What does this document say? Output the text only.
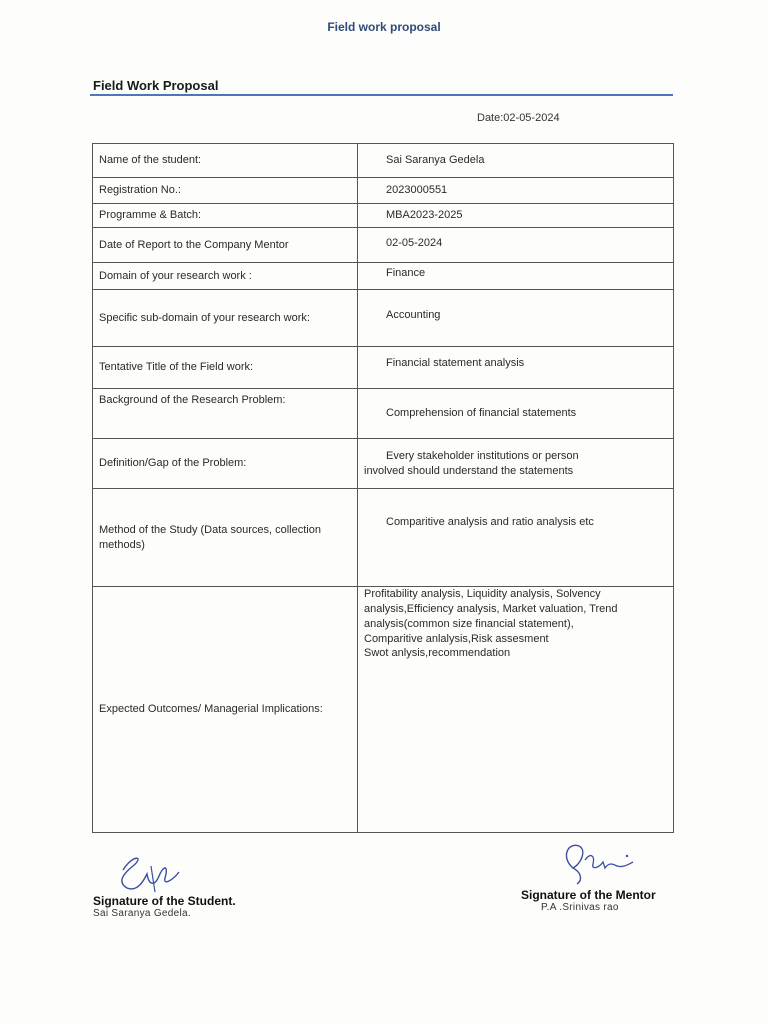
Field work proposal
Field Work Proposal
Date:02-05-2024
Name of the student:	Sai Saranya Gedela
Registration No.:	2023000551
Programme & Batch:	MBA2023-2025
Date of Report to the Company Mentor	02-05-2024
Domain of your research work :	Finance
Specific sub-domain of your research work:	Accounting
Tentative Title of the Field work:	Financial statement analysis
Background of the Research Problem:	Comprehension of financial statements
Definition/Gap of the Problem:	Every stakeholder institutions or person
involved should understand the statements

Method of the Study (Data sources, collection methods)	Comparitive analysis and ratio analysis etc
Expected Outcomes/ Managerial Implications:	Profitability analysis, Liquidity analysis, Solvency
analysis,Efficiency analysis, Market valuation, Trend
analysis(common size financial statement),
Comparitive anlalysis,Risk assesment
Swot anlysis,recommendation
Signature of the Student.
Sai Saranya Gedela.
Signature of the Mentor
P.A .Srinivas rao
